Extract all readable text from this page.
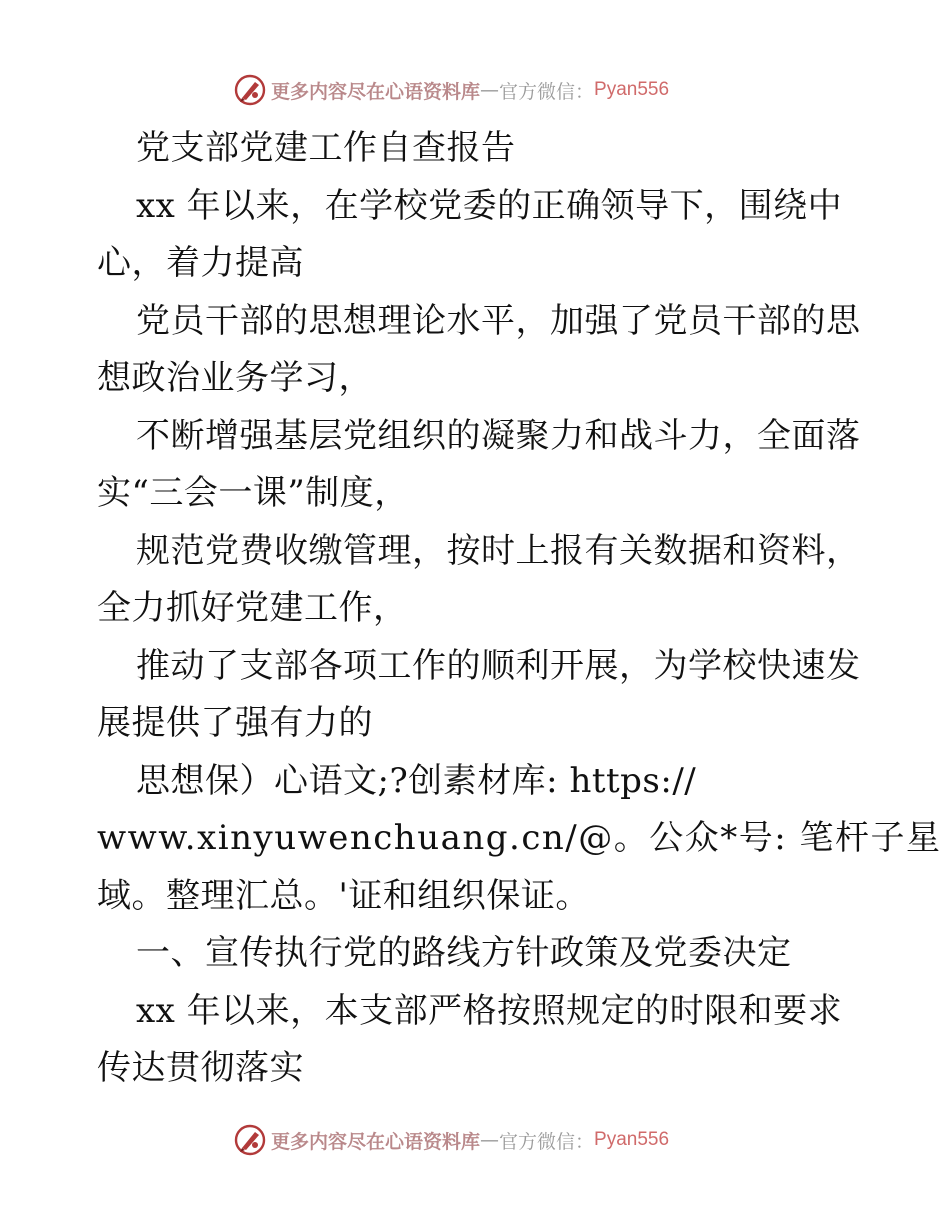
更多内容尽在心语资料库 — 官方微信： Pyan556
党支部党建工作自查报告
xx 年以来，在学校党委的正确领导下，围绕中
心，着力提高
党员干部的思想理论水平，加强了党员干部的思
想政治业务学习，
不断增强基层党组织的凝聚力和战斗力，全面落
实“三会一课”制度，
规范党费收缴管理，按时上报有关数据和资料，
全力抓好党建工作，
推动了支部各项工作的顺利开展，为学校快速发
展提供了强有力的
思想保）心语文;?创素材库: https://
www.xinyuwenchuang.cn/@。公众*号: 笔杆子星
域。整理汇总。'证和组织保证。
一、宣传执行党的路线方针政策及党委决定
xx 年以来，本支部严格按照规定的时限和要求
传达贯彻落实
更多内容尽在心语资料库 — 官方微信： Pyan556
